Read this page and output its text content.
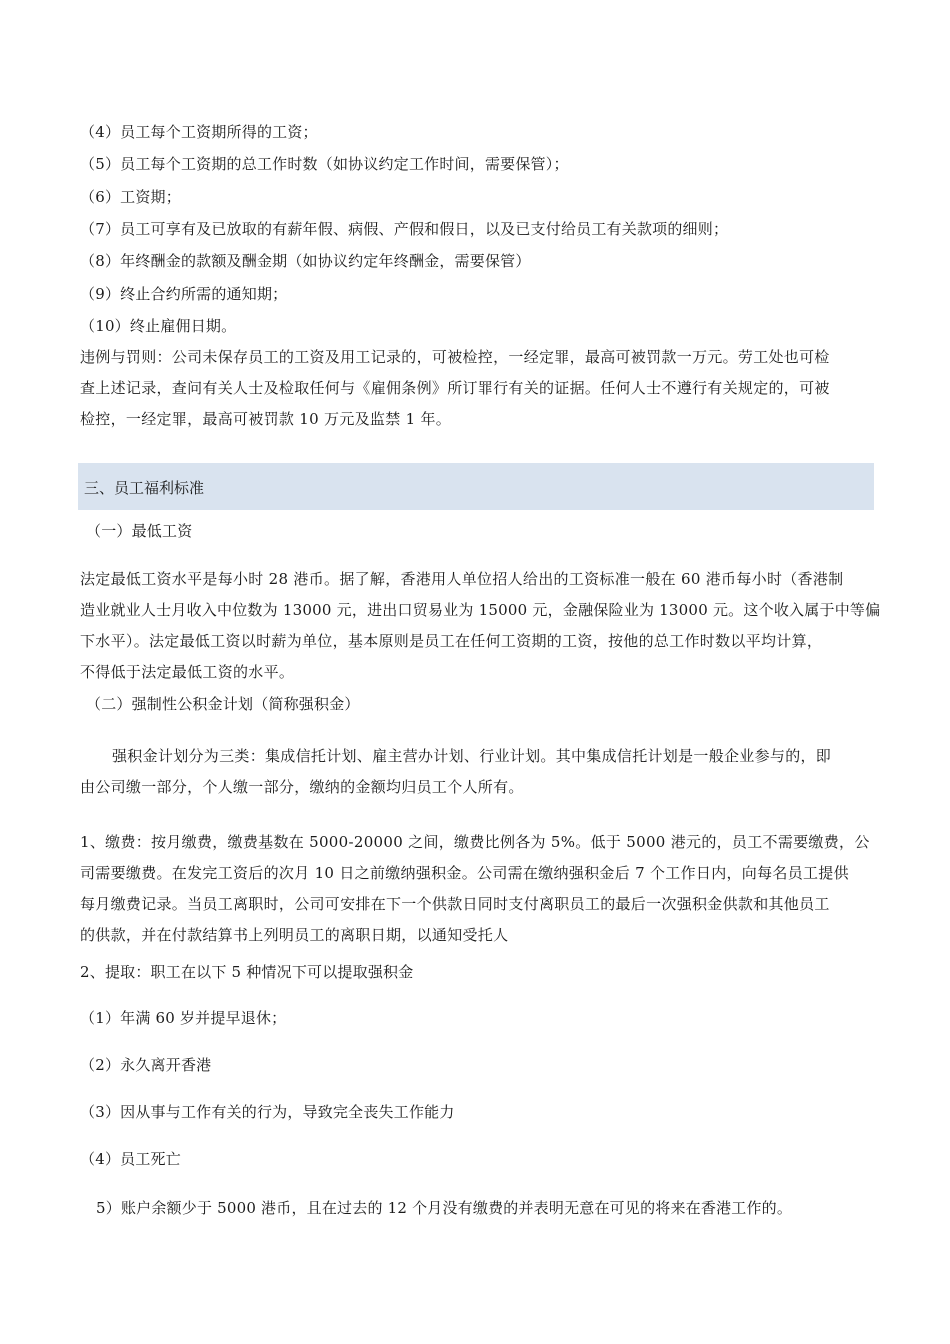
（4）员工每个工资期所得的工资；
（5）员工每个工资期的总工作时数（如协议约定工作时间，需要保管）；
（6）工资期；
（7）员工可享有及已放取的有薪年假、病假、产假和假日，以及已支付给员工有关款项的细则；
（8）年终酬金的款额及酬金期（如协议约定年终酬金，需要保管）
（9）终止合约所需的通知期；
（10）终止雇佣日期。
违例与罚则：公司未保存员工的工资及用工记录的，可被检控，一经定罪，最高可被罚款一万元。劳工处也可检
查上述记录，查问有关人士及检取任何与《雇佣条例》所订罪行有关的证据。任何人士不遵行有关规定的，可被
检控，一经定罪，最高可被罚款 10 万元及监禁 1 年。
三、员工福利标准
（一）最低工资
法定最低工资水平是每小时 28 港币。据了解，香港用人单位招人给出的工资标准一般在 60 港币每小时（香港制
造业就业人士月收入中位数为 13000 元，进出口贸易业为 15000 元，金融保险业为 13000 元。这个收入属于中等偏
下水平）。法定最低工资以时薪为单位，基本原则是员工在任何工资期的工资，按他的总工作时数以平均计算，
不得低于法定最低工资的水平。
（二）强制性公积金计划（简称强积金）
强积金计划分为三类：集成信托计划、雇主营办计划、行业计划。其中集成信托计划是一般企业参与的，即
由公司缴一部分，个人缴一部分，缴纳的金额均归员工个人所有。
1、缴费：按月缴费，缴费基数在 5000-20000 之间，缴费比例各为 5%。低于 5000 港元的，员工不需要缴费，公
司需要缴费。在发完工资后的次月 10 日之前缴纳强积金。公司需在缴纳强积金后 7 个工作日内，向每名员工提供
每月缴费记录。当员工离职时，公司可安排在下一个供款日同时支付离职员工的最后一次强积金供款和其他员工
的供款，并在付款结算书上列明员工的离职日期，以通知受托人
2、提取：职工在以下 5 种情况下可以提取强积金
（1）年满 60 岁并提早退休；
（2）永久离开香港
（3）因从事与工作有关的行为，导致完全丧失工作能力
（4）员工死亡
5）账户余额少于 5000 港币，且在过去的 12 个月没有缴费的并表明无意在可见的将来在香港工作的。
